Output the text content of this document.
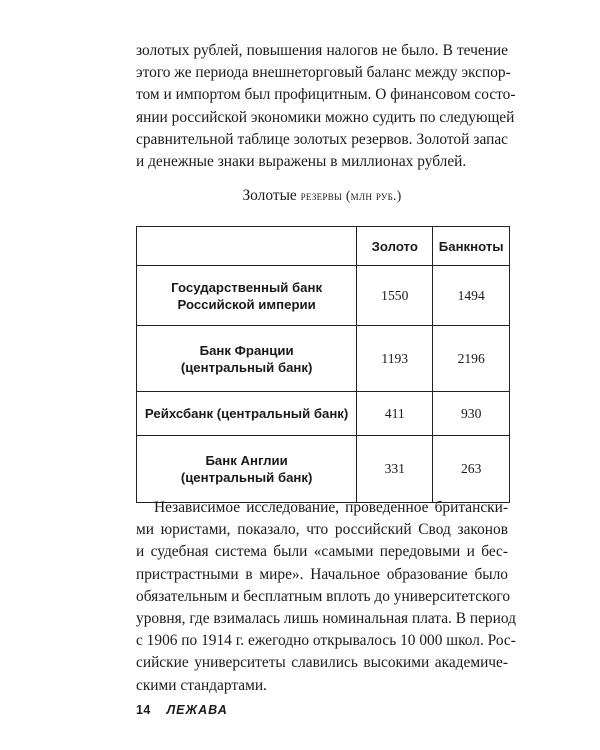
золотых рублей, повышения налогов не было. В течение
этого же периода внешнеторговый баланс между экспор-
том и импортом был профицитным. О финансовом состо-
янии российской экономики можно судить по следующей
сравнительной таблице золотых резервов. Золотой запас
и денежные знаки выражены в миллионах рублей.

Золотые резервы (млн руб.)
	Золото	Банкноты
Государственный банк
Российской империи	1550	1494
Банк Франции
(центральный банк)	1193	2196
Рейхсбанк (центральный банк)	411	930
Банк Англии
(центральный банк)	331	263

Независимое исследование, проведенное британски-
ми юристами, показало, что российский Свод законов
и судебная система были «самыми передовыми и бес-
пристрастными в мире». Начальное образование было
обязательным и бесплатным вплоть до университетского
уровня, где взималась лишь номинальная плата. В период
с 1906 по 1914 г. ежегодно открывалось 10 000 школ. Рос-
сийские университеты славились высокими академиче-
скими стандартами.

14 ЛЕЖАВА
